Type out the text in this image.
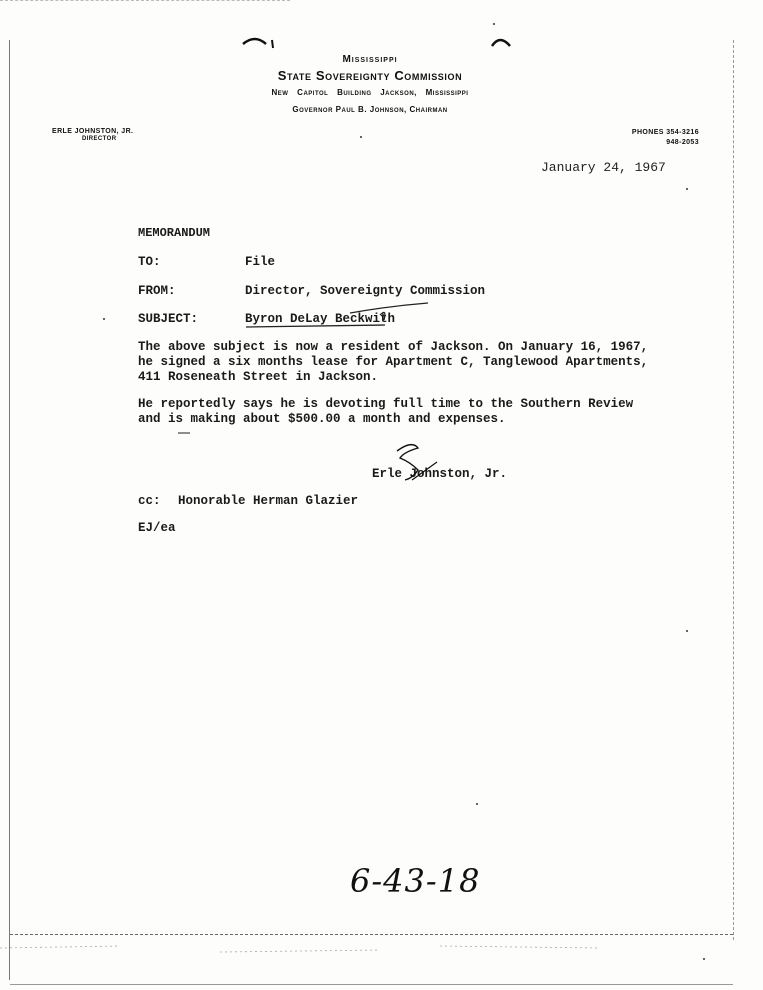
Mississippi
State Sovereignty Commission
New Capitol Building Jackson, Mississippi
Governor Paul B. Johnson, Chairman
ERLE JOHNSTON, JR.
DIRECTOR
PHONES 354-3216
948-2053
January 24, 1967
MEMORANDUM
TO:	File
FROM:	Director, Sovereignty Commission
SUBJECT:	Byron DeLay Beckwith
The above subject is now a resident of Jackson. On January 16, 1967,
he signed a six months lease for Apartment C, Tanglewood Apartments,
411 Roseneath Street in Jackson.
He reportedly says he is devoting full time to the Southern Review
and is making about $500.00 a month and expenses.
Erle Johnston, Jr.
cc: Honorable Herman Glazier
EJ/ea
6-43-18
